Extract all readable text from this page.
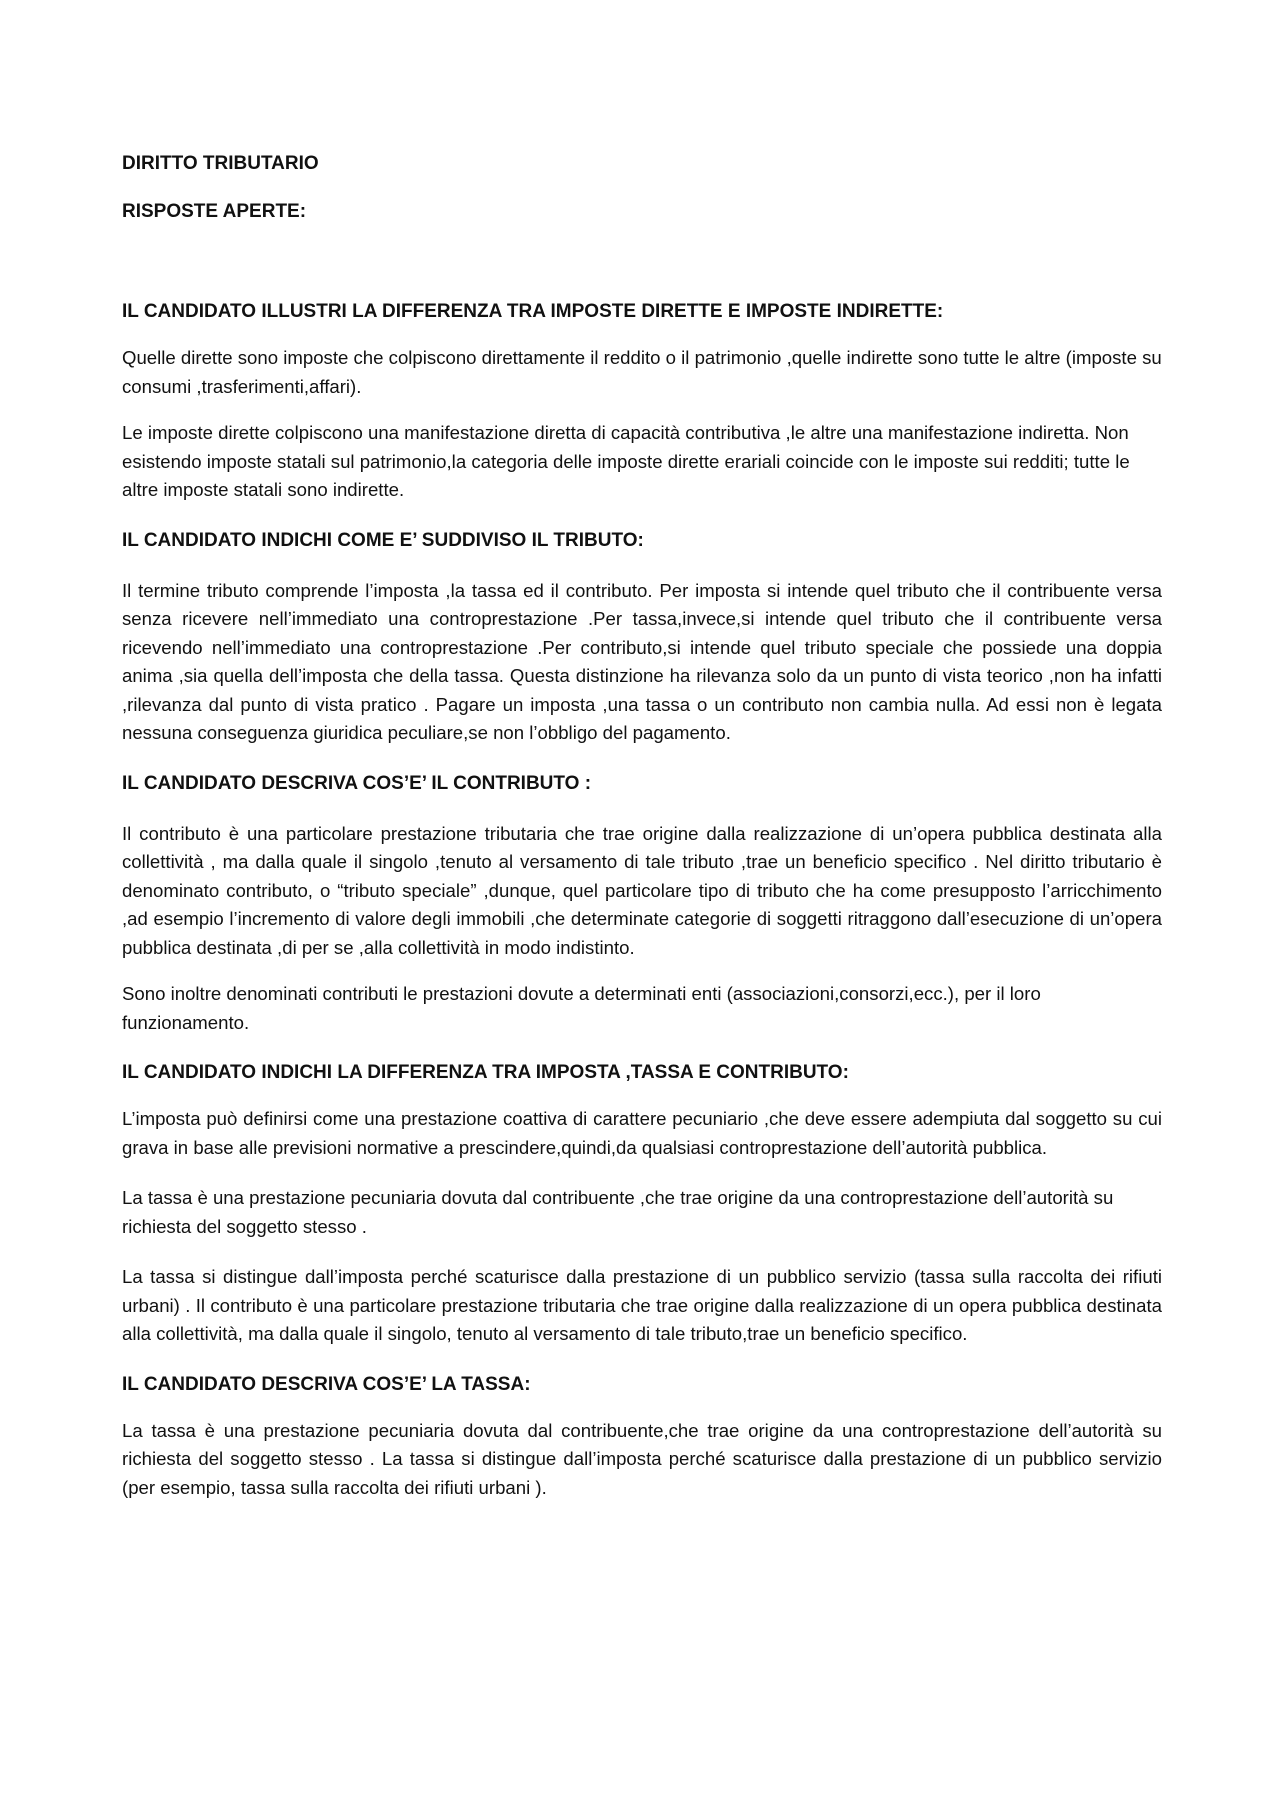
DIRITTO TRIBUTARIO

RISPOSTE APERTE:

IL CANDIDATO ILLUSTRI LA DIFFERENZA TRA IMPOSTE DIRETTE E IMPOSTE INDIRETTE:

Quelle dirette sono imposte che colpiscono direttamente il reddito o il patrimonio ,quelle indirette sono tutte le altre (imposte su consumi ,trasferimenti,affari).

Le imposte dirette colpiscono una manifestazione diretta di capacità contributiva ,le altre una manifestazione indiretta. Non esistendo imposte statali sul patrimonio,la categoria delle imposte dirette erariali coincide con le imposte sui redditi; tutte le altre imposte statali sono indirette.

IL CANDIDATO INDICHI COME E’ SUDDIVISO IL TRIBUTO:

Il termine tributo comprende l’imposta ,la tassa ed il contributo. Per imposta si intende quel tributo che il contribuente versa senza ricevere nell’immediato una controprestazione .Per tassa,invece,si intende quel tributo che il contribuente versa ricevendo nell’immediato una controprestazione .Per contributo,si intende quel tributo speciale che possiede una doppia anima ,sia quella dell’imposta che della tassa. Questa distinzione ha rilevanza solo da un punto di vista teorico ,non ha infatti ,rilevanza dal punto di vista pratico . Pagare un imposta ,una tassa o un contributo non cambia nulla. Ad essi non è legata nessuna conseguenza giuridica peculiare,se non l’obbligo del pagamento.

IL CANDIDATO DESCRIVA COS’E’ IL CONTRIBUTO :

Il contributo è una particolare prestazione tributaria che trae origine dalla realizzazione di un’opera pubblica destinata alla collettività , ma dalla quale il singolo ,tenuto al versamento di tale tributo ,trae un beneficio specifico . Nel diritto tributario è denominato contributo, o “tributo speciale” ,dunque, quel particolare tipo di tributo che ha come presupposto l’arricchimento ,ad esempio l’incremento di valore degli immobili ,che determinate categorie di soggetti ritraggono dall’esecuzione di un’opera pubblica destinata ,di per se ,alla collettività in modo indistinto.

Sono inoltre denominati contributi le prestazioni dovute a determinati enti (associazioni,consorzi,ecc.), per il loro funzionamento.

IL CANDIDATO INDICHI LA DIFFERENZA TRA IMPOSTA ,TASSA E CONTRIBUTO:

L’imposta può definirsi come una prestazione coattiva di carattere pecuniario ,che deve essere adempiuta dal soggetto su cui grava in base alle previsioni normative a prescindere,quindi,da qualsiasi controprestazione dell’autorità pubblica.

La tassa è una prestazione pecuniaria dovuta dal contribuente ,che trae origine da una controprestazione dell’autorità su richiesta del soggetto stesso .

La tassa si distingue dall’imposta perché scaturisce dalla prestazione di un pubblico servizio (tassa sulla raccolta dei rifiuti urbani) . Il contributo è una particolare prestazione tributaria che trae origine dalla realizzazione di un opera pubblica destinata alla collettività, ma dalla quale il singolo, tenuto al versamento di tale tributo,trae un beneficio specifico.

IL CANDIDATO DESCRIVA COS’E’ LA TASSA:

La tassa è una prestazione pecuniaria dovuta dal contribuente,che trae origine da una controprestazione dell’autorità su richiesta del soggetto stesso . La tassa si distingue dall’imposta perché scaturisce dalla prestazione di un pubblico servizio (per esempio, tassa sulla raccolta dei rifiuti urbani ).
